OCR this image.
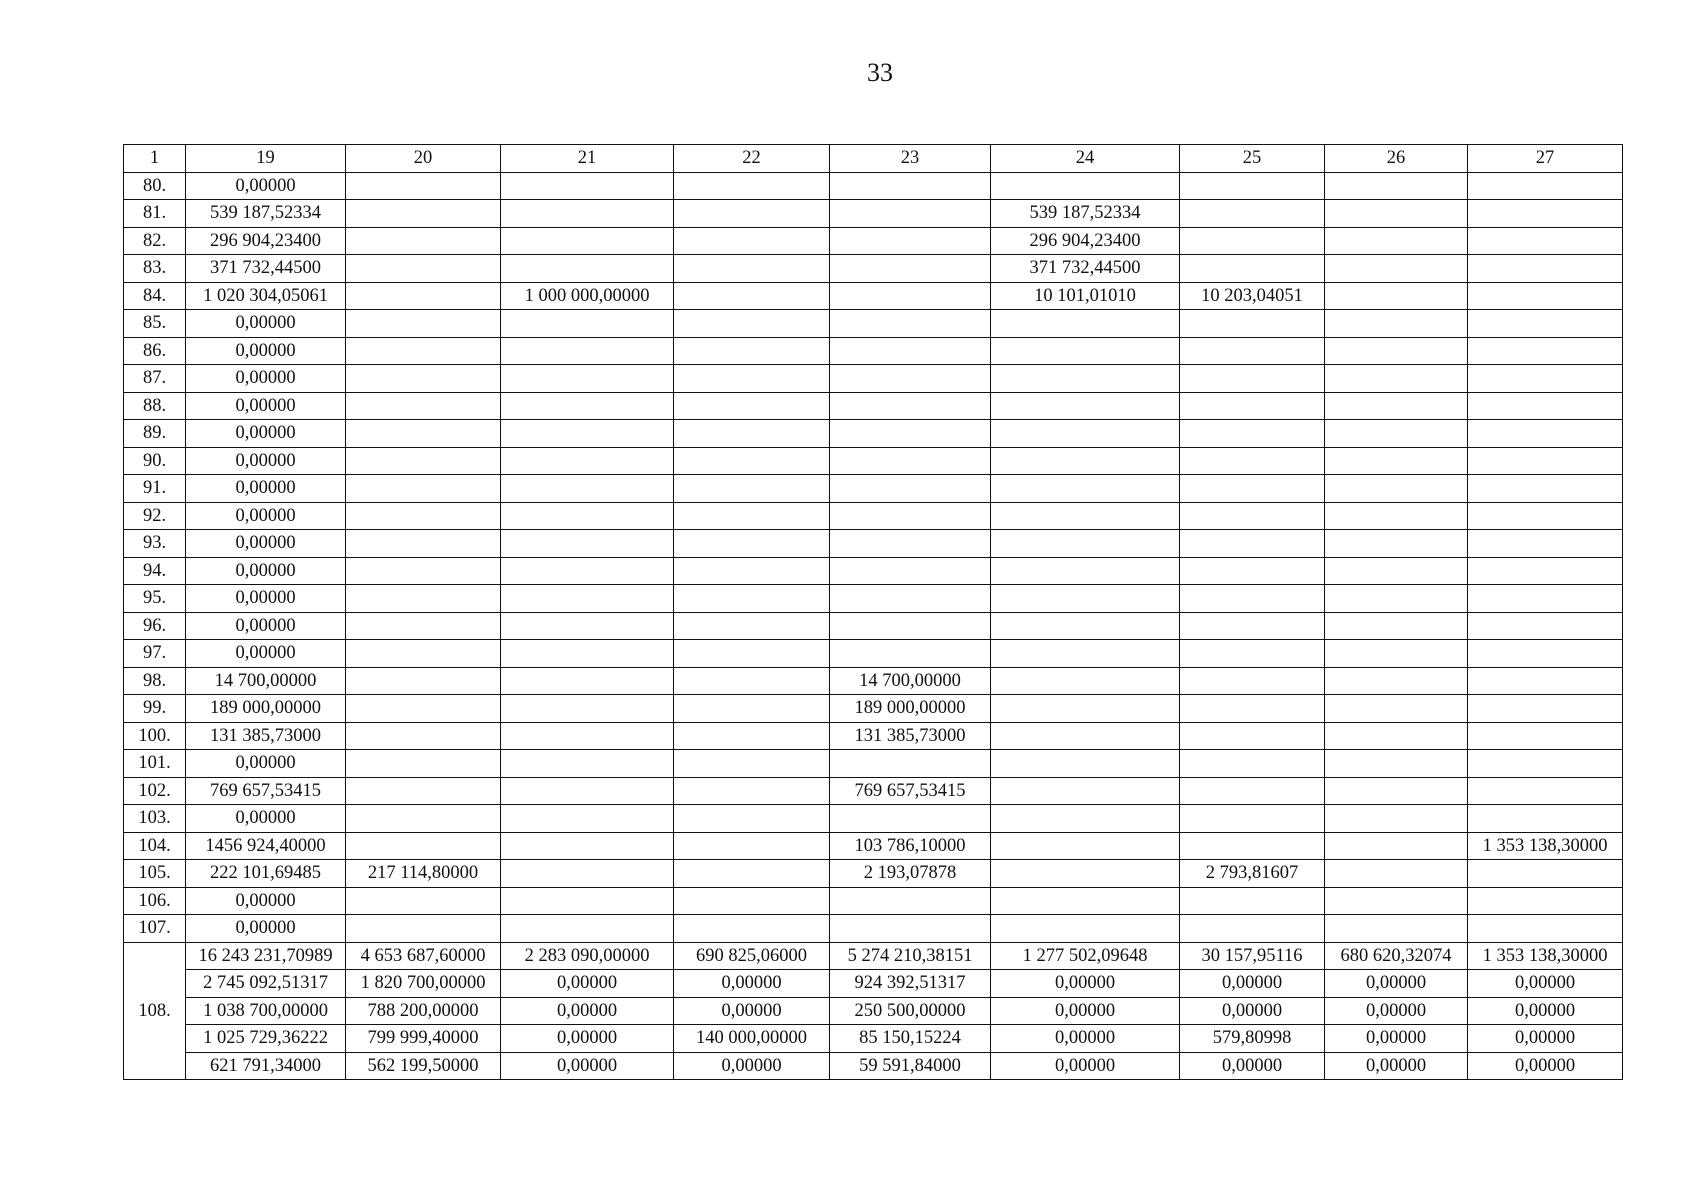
33
1	19	20	21	22	23	24	25	26	27
80.	0,00000								
81.	539 187,52334					539 187,52334			
82.	296 904,23400					296 904,23400			
83.	371 732,44500					371 732,44500			
84.	1 020 304,05061		1 000 000,00000			10 101,01010	10 203,04051		
85.	0,00000								
86.	0,00000								
87.	0,00000								
88.	0,00000								
89.	0,00000								
90.	0,00000								
91.	0,00000								
92.	0,00000								
93.	0,00000								
94.	0,00000								
95.	0,00000								
96.	0,00000								
97.	0,00000								
98.	14 700,00000				14 700,00000				
99.	189 000,00000				189 000,00000				
100.	131 385,73000				131 385,73000				
101.	0,00000								
102.	769 657,53415				769 657,53415				
103.	0,00000								
104.	1456 924,40000				103 786,10000				1 353 138,30000
105.	222 101,69485	217 114,80000			2 193,07878		2 793,81607		
106.	0,00000								
107.	0,00000								
108.	16 243 231,70989	4 653 687,60000	2 283 090,00000	690 825,06000	5 274 210,38151	1 277 502,09648	30 157,95116	680 620,32074	1 353 138,30000
	2 745 092,51317	1 820 700,00000	0,00000	0,00000	924 392,51317	0,00000	0,00000	0,00000	0,00000
	1 038 700,00000	788 200,00000	0,00000	0,00000	250 500,00000	0,00000	0,00000	0,00000	0,00000
	1 025 729,36222	799 999,40000	0,00000	140 000,00000	85 150,15224	0,00000	579,80998	0,00000	0,00000
	621 791,34000	562 199,50000	0,00000	0,00000	59 591,84000	0,00000	0,00000	0,00000	0,00000
